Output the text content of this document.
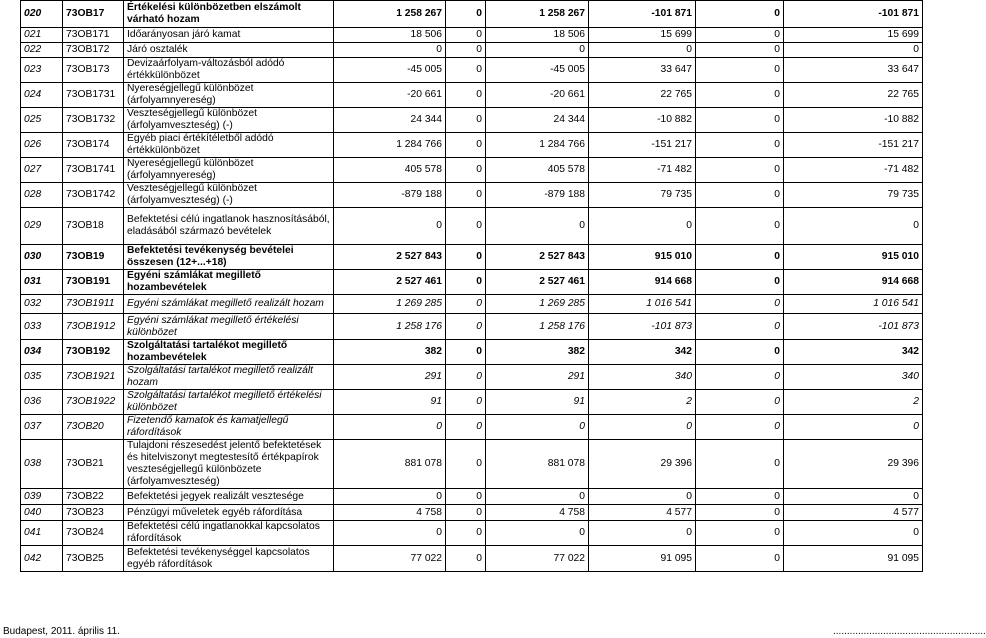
020	73OB17	Értékelési különbözetben elszámolt várható hozam	1 258 267	0	1 258 267	-101 871	0	-101 871
021	73OB171	Időarányosan járó kamat	18 506	0	18 506	15 699	0	15 699
022	73OB172	Járó osztalék	0	0	0	0	0	0
023	73OB173	Devizaárfolyam-változásból adódó értékkülönbözet	-45 005	0	-45 005	33 647	0	33 647
024	73OB1731	Nyereségjellegű különbözet (árfolyamnyereség)	-20 661	0	-20 661	22 765	0	22 765
025	73OB1732	Veszteségjellegű különbözet (árfolyamveszteség) (-)	24 344	0	24 344	-10 882	0	-10 882
026	73OB174	Egyéb piaci értékítéletből adódó értékkülönbözet	1 284 766	0	1 284 766	-151 217	0	-151 217
027	73OB1741	Nyereségjellegű különbözet (árfolyamnyereség)	405 578	0	405 578	-71 482	0	-71 482
028	73OB1742	Veszteségjellegű különbözet (árfolyamveszteség) (-)	-879 188	0	-879 188	79 735	0	79 735
029	73OB18	Befektetési célú ingatlanok hasznosításából, eladásából származó bevételek	0	0	0	0	0	0
030	73OB19	Befektetési tevékenység bevételei összesen (12+...+18)	2 527 843	0	2 527 843	915 010	0	915 010
031	73OB191	Egyéni számlákat megillető hozambevételek	2 527 461	0	2 527 461	914 668	0	914 668
032	73OB1911	Egyéni számlákat megillető realizált hozam	1 269 285	0	1 269 285	1 016 541	0	1 016 541
033	73OB1912	Egyéni számlákat megillető értékelési különbözet	1 258 176	0	1 258 176	-101 873	0	-101 873
034	73OB192	Szolgáltatási tartalékot megillető hozambevételek	382	0	382	342	0	342
035	73OB1921	Szolgáltatási tartalékot megillető realizált hozam	291	0	291	340	0	340
036	73OB1922	Szolgáltatási tartalékot megillető értékelési különbözet	91	0	91	2	0	2
037	73OB20	Fizetendő kamatok és kamatjellegű ráfordítások	0	0	0	0	0	0
038	73OB21	Tulajdoni részesedést jelentő befektetések és hitelviszonyt megtestesítő értékpapírok veszteségjellegű különbözete (árfolyamveszteség)	881 078	0	881 078	29 396	0	29 396
039	73OB22	Befektetési jegyek realizált vesztesége	0	0	0	0	0	0
040	73OB23	Pénzügyi műveletek egyéb ráfordítása	4 758	0	4 758	4 577	0	4 577
041	73OB24	Befektetési célú ingatlanokkal kapcsolatos ráfordítások	0	0	0	0	0	0
042	73OB25	Befektetési tevékenységgel kapcsolatos egyéb ráfordítások	77 022	0	77 022	91 095	0	91 095
Budapest, 2011. április 11.	.......................................................
